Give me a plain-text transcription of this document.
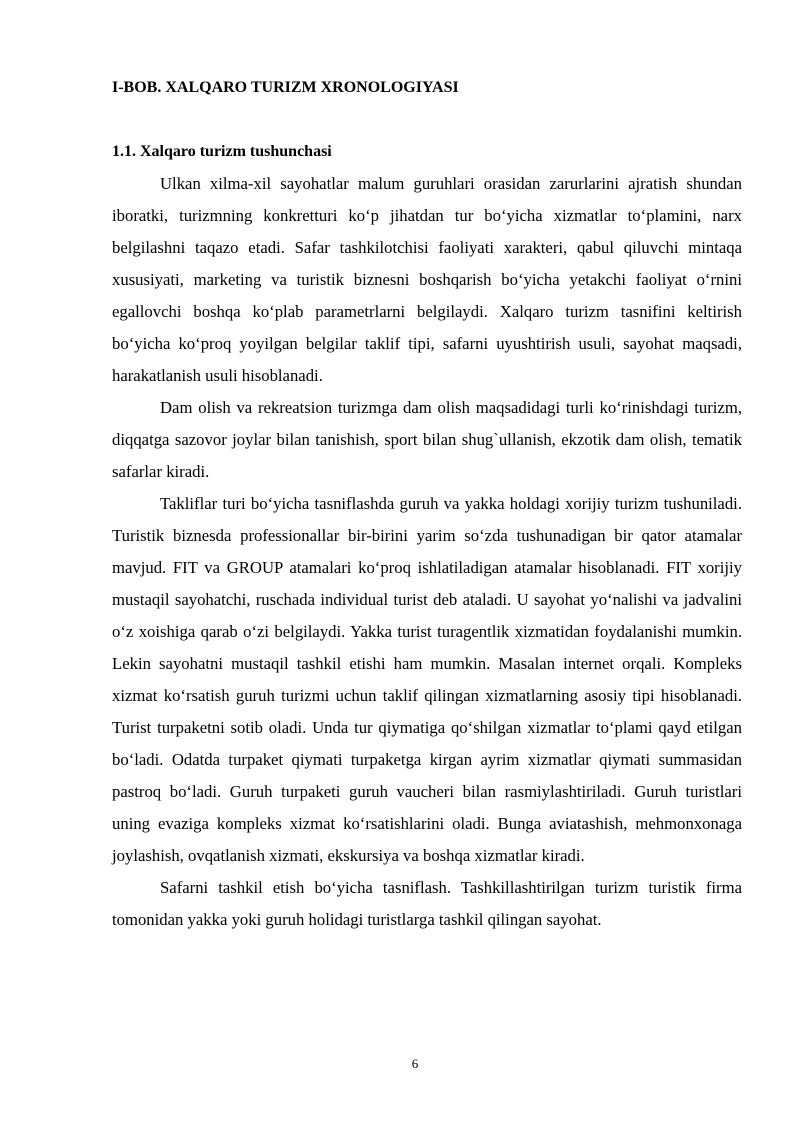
I-BOB. XALQARO TURIZM XRONOLOGIYASI
1.1. Xalqaro turizm tushunchasi

Ulkan xilma-xil sayohatlar malum guruhlari orasidan zarurlarini ajratish shundan iboratki, turizmning konkretturi ko‘p jihatdan tur bo‘yicha xizmatlar to‘plamini, narx belgilashni taqazo etadi. Safar tashkilotchisi faoliyati xarakteri, qabul qiluvchi mintaqa xususiyati, marketing va turistik biznesni boshqarish bo‘yicha yetakchi faoliyat o‘rnini egallovchi boshqa ko‘plab parametrlarni belgilaydi. Xalqaro turizm tasnifini keltirish bo‘yicha ko‘proq yoyilgan belgilar taklif tipi, safarni uyushtirish usuli, sayohat maqsadi, harakatlanish usuli hisoblanadi.

Dam olish va rekreatsion turizmga dam olish maqsadidagi turli ko‘rinishdagi turizm, diqqatga sazovor joylar bilan tanishish, sport bilan shug`ullanish, ekzotik dam olish, tematik safarlar kiradi.

Takliflar turi bo‘yicha tasniflashda guruh va yakka holdagi xorijiy turizm tushuniladi. Turistik biznesda professionallar bir-birini yarim so‘zda tushunadigan bir qator atamalar mavjud. FIT va GROUP atamalari ko‘proq ishlatiladigan atamalar hisoblanadi. FIT xorijiy mustaqil sayohatchi, ruschada individual turist deb ataladi. U sayohat yo‘nalishi va jadvalini o‘z xoishiga qarab o‘zi belgilaydi. Yakka turist turagentlik xizmatidan foydalanishi mumkin. Lekin sayohatni mustaqil tashkil etishi ham mumkin. Masalan internet orqali. Kompleks xizmat ko‘rsatish guruh turizmi uchun taklif qilingan xizmatlarning asosiy tipi hisoblanadi. Turist turpaketni sotib oladi. Unda tur qiymatiga qo‘shilgan xizmatlar to‘plami qayd etilgan bo‘ladi. Odatda turpaket qiymati turpaketga kirgan ayrim xizmatlar qiymati summasidan pastroq bo‘ladi. Guruh turpaketi guruh vaucheri bilan rasmiylashtiriladi. Guruh turistlari uning evaziga kompleks xizmat ko‘rsatishlarini oladi. Bunga aviatashish, mehmonxonaga joylashish, ovqatlanish xizmati, ekskursiya va boshqa xizmatlar kiradi.

Safarni tashkil etish bo‘yicha tasniflash. Tashkillashtirilgan turizm turistik firma tomonidan yakka yoki guruh holidagi turistlarga tashkil qilingan sayohat.

6
